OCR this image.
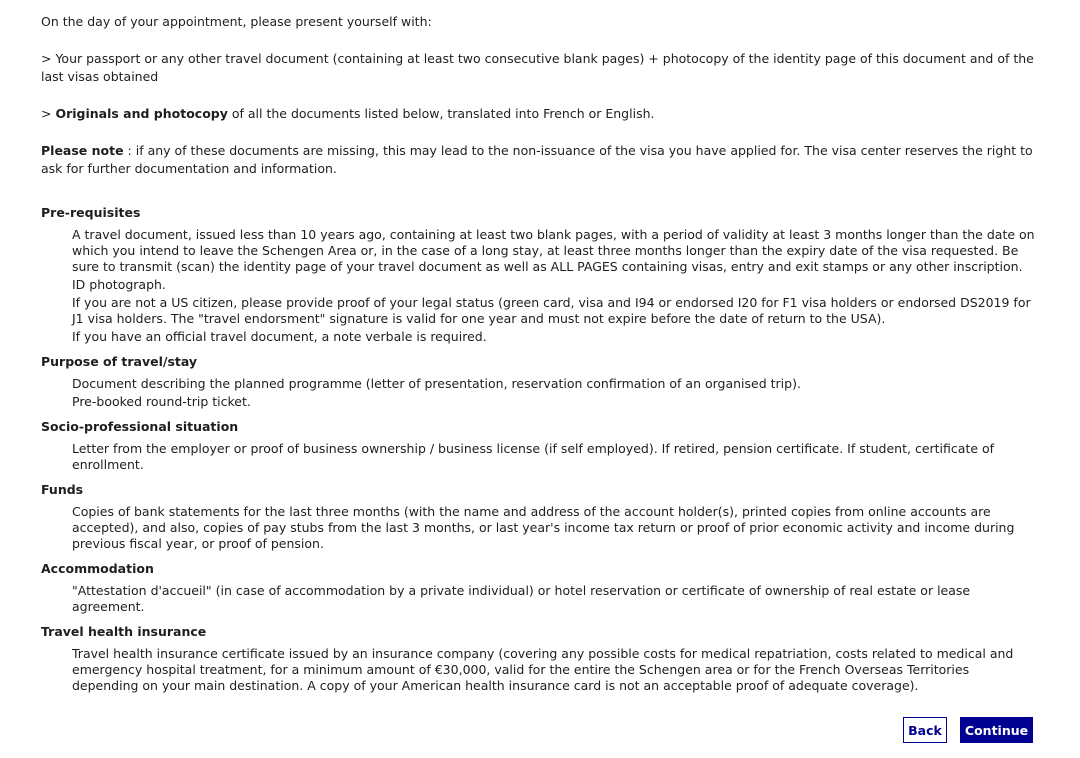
On the day of your appointment, please present yourself with:

> Your passport or any other travel document (containing at least two consecutive blank pages) + photocopy of the identity page of this document and of the last visas obtained

> Originals and photocopy of all the documents listed below, translated into French or English.

Please note : if any of these documents are missing, this may lead to the non-issuance of the visa you have applied for. The visa center reserves the right to ask for further documentation and information.

Pre-requisites

A travel document, issued less than 10 years ago, containing at least two blank pages, with a period of validity at least 3 months longer than the date on which you intend to leave the Schengen Area or, in the case of a long stay, at least three months longer than the expiry date of the visa requested. Be sure to transmit (scan) the identity page of your travel document as well as ALL PAGES containing visas, entry and exit stamps or any other inscription.

ID photograph.

If you are not a US citizen, please provide proof of your legal status (green card, visa and I94 or endorsed I20 for F1 visa holders or endorsed DS2019 for J1 visa holders. The "travel endorsment" signature is valid for one year and must not expire before the date of return to the USA).

If you have an official travel document, a note verbale is required.

Purpose of travel/stay

Document describing the planned programme (letter of presentation, reservation confirmation of an organised trip).

Pre-booked round-trip ticket.

Socio-professional situation

Letter from the employer or proof of business ownership / business license (if self employed). If retired, pension certificate. If student, certificate of enrollment.

Funds

Copies of bank statements for the last three months (with the name and address of the account holder(s), printed copies from online accounts are accepted), and also, copies of pay stubs from the last 3 months, or last year's income tax return or proof of prior economic activity and income during previous fiscal year, or proof of pension.

Accommodation

"Attestation d'accueil" (in case of accommodation by a private individual) or hotel reservation or certificate of ownership of real estate or lease agreement.

Travel health insurance

Travel health insurance certificate issued by an insurance company (covering any possible costs for medical repatriation, costs related to medical and emergency hospital treatment, for a minimum amount of €30,000, valid for the entire the Schengen area or for the French Overseas Territories depending on your main destination. A copy of your American health insurance card is not an acceptable proof of adequate coverage).

Back	Continue
